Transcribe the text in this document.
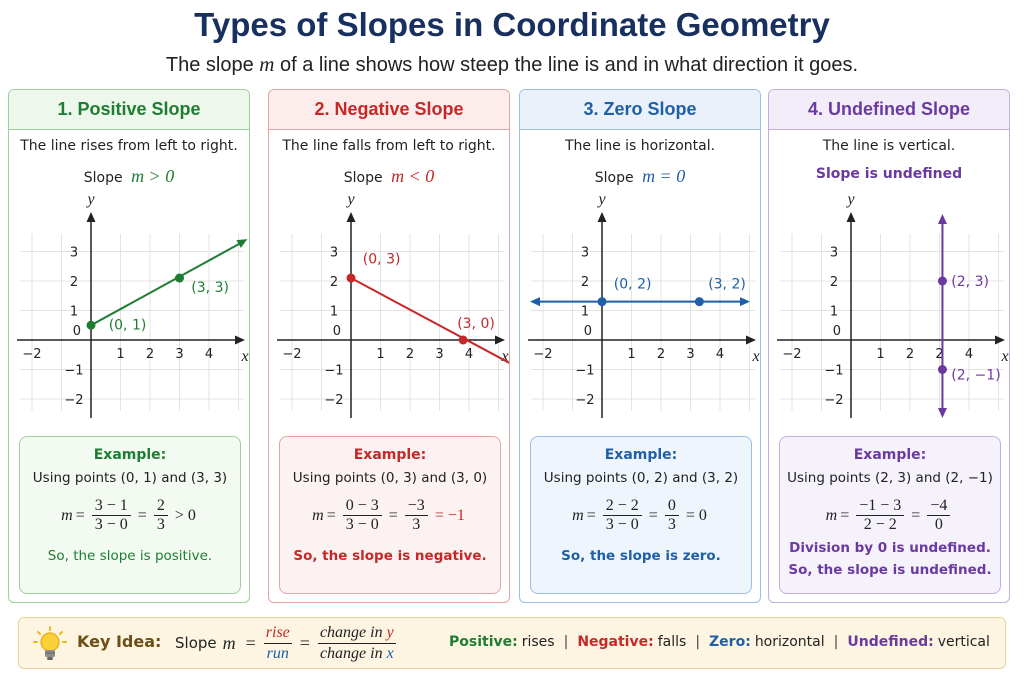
Types of Slopes in Coordinate Geometry
The slope m of a line shows how steep the line is and in what direction it goes.
1. Positive Slope
The line rises from left to right.
Slope m > 0
x
y
−2	1 2 3 4
3
2
1
−1
−2
0 (0, 1)
(3, 3)
Example:
Using points (0, 1) and (3, 3)
$m = \frac{3 - 1}{3 - 0} = \frac{2}{3} > 0$
So, the slope is positive.
2. Negative Slope
The line falls from left to right.
Slope m < 0
x
y
−2	1 2 3 4
3
2
1
−1
−2
0
(0, 3)
(3, 0)
Example:
Using points (0, 3) and (3, 0)
$m = \frac{0 - 3}{3 - 0} = \frac{-3}{3} = -1$
So, the slope is negative.
3. Zero Slope
The line is horizontal.
Slope m = 0
x
y
−2	1 2 3 4
3
2
1
−1
−2
0
(0, 2)	(3, 2)
Example:
Using points (0, 2) and (3, 2)
$m = \frac{2 - 2}{3 - 0} = \frac{0}{3} = 0$
So, the slope is zero.
4. Undefined Slope
The line is vertical.
Slope is undefined
x
y
−2	1 2 2 4
3
2
1
−1
−2
0
(2, 3)
(2, −1)
Example:
Using points (2, 3) and (2, −1)
$m = \frac{-1 - 3}{2 - 2} = \frac{-4}{0}$
Division by 0 is undefined.
So, the slope is undefined.
Key Idea: Slope $m = \frac{\text{rise}}{\text{run}} = \frac{\text{change in y}}{\text{change in x}}$	Positive: rises | Negative: falls | Zero: horizontal | Undefined: vertical
